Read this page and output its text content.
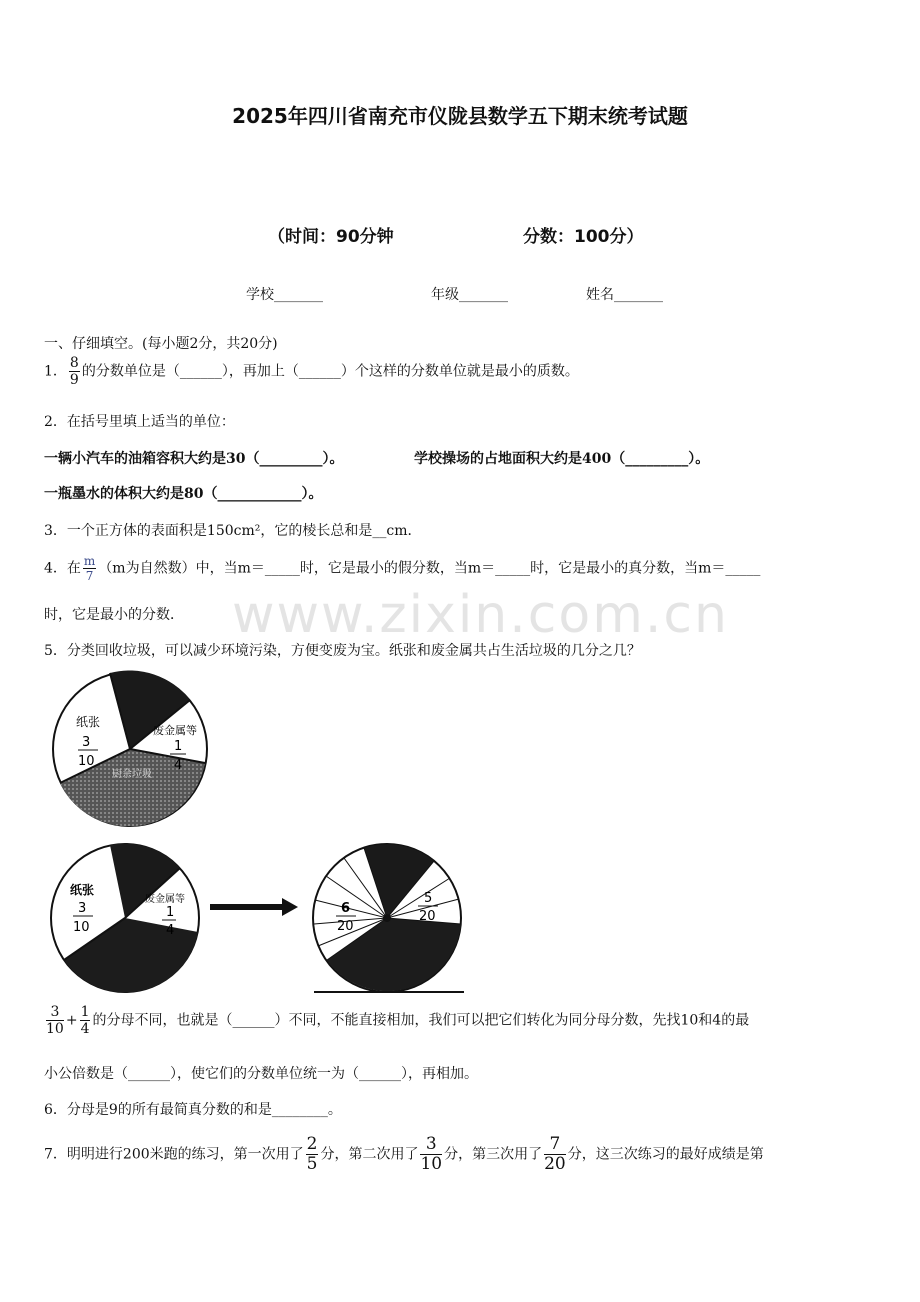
2025年四川省南充市仪陇县数学五下期末统考试题
（时间：90分钟	分数：100分）
学校_______	年级_______	姓名_______
一、仔细填空。(每小题2分，共20分)
1． $\frac{8}{9}$ 的分数单位是（______），再加上（______）个这样的分数单位就是最小的质数。
2．在括号里填上适当的单位：
一辆小汽车的油箱容积大约是30（_________）。	学校操场的占地面积大约是400（_________）。
一瓶墨水的体积大约是80（____________）。
3．一个正方体的表面积是150cm²，它的棱长总和是__cm．
4．在 $\frac{m}{7} (m$为自然数）中，当m＝_____时，它是最小的假分数，当m＝_____时，它是最小的真分数，当m＝_____
时，它是最小的分数． www.zixin.com.cn
5．分类回收垃圾，可以减少环境污染，方便变废为宝。纸张和废金属共占生活垃圾的几分之几？
纸张
3
10
废金属等
1
4
厨余垃圾
纸张
3
10
废金属等
1
4
6
20
5
20
$\frac{3}{10} + \frac{1}{4}$ 的分母不同，也就是（______）不同，不能直接相加，我们可以把它们转化为同分母分数，先找10和4的最
小公倍数是（______），使它们的分数单位统一为（______），再相加。
6．分母是9的所有最简真分数的和是________。
7．明明进行200米跑的练习，第一次用了 $\frac{2}{5}$ 分，第二次用了 $\frac{3}{10}$ 分，第三次用了 $\frac{7}{20}$ 分，这三次练习的最好成绩是第
